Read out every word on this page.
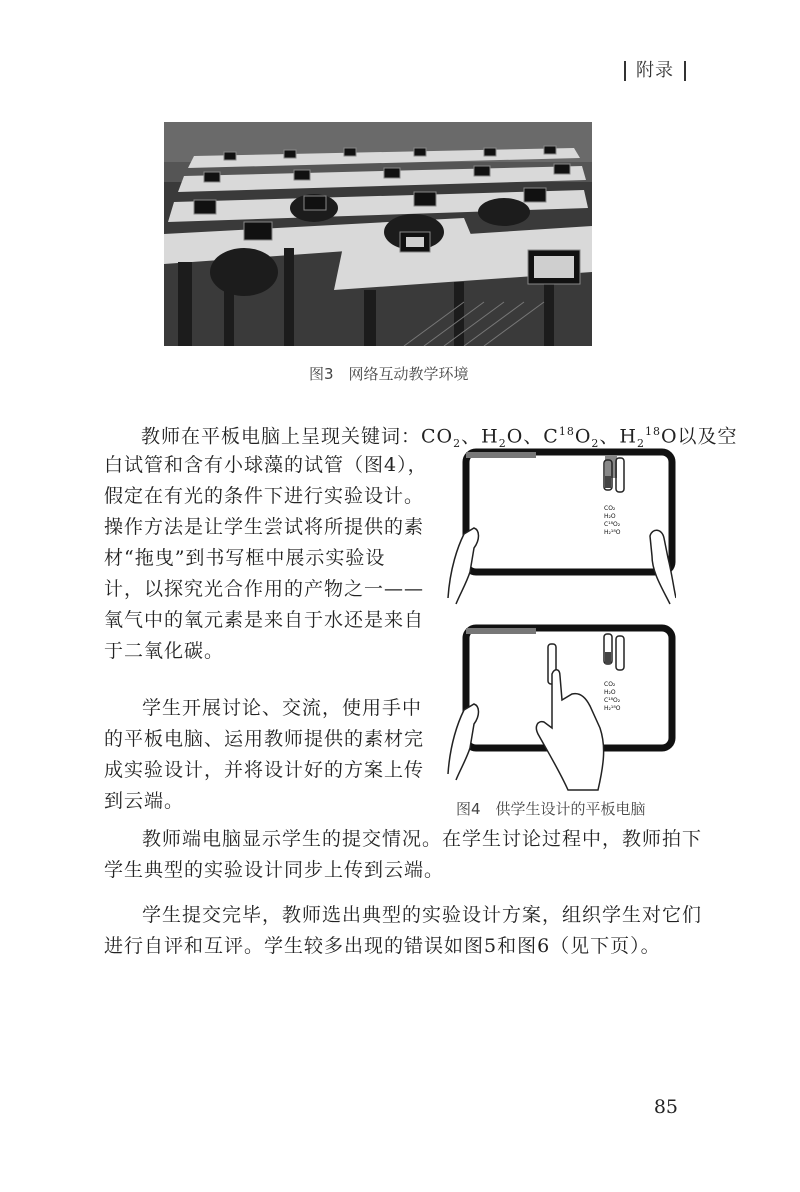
附录
图3　网络互动教学环境
教师在平板电脑上呈现关键词：$CO_2$、$H_2O$、$C^{18}O_2$、$H_2^{18}O$以及空
白试管和含有小球藻的试管（图4），
假定在有光的条件下进行实验设计。
操作方法是让学生尝试将所提供的素
材“拖曳”到书写框中展示实验设
计，以探究光合作用的产物之一——
氧气中的氧元素是来自于水还是来自
于二氧化碳。
学生开展讨论、交流，使用手中
的平板电脑、运用教师提供的素材完
成实验设计，并将设计好的方案上传
到云端。
CO₂
H₂O
C¹⁸O₂
H₂¹⁸O
CO₂
H₂O
C¹⁸O₂
H₂¹⁸O
图4　供学生设计的平板电脑
教师端电脑显示学生的提交情况。在学生讨论过程中，教师拍下
学生典型的实验设计同步上传到云端。
学生提交完毕，教师选出典型的实验设计方案，组织学生对它们
进行自评和互评。学生较多出现的错误如图5和图6（见下页）。
85
